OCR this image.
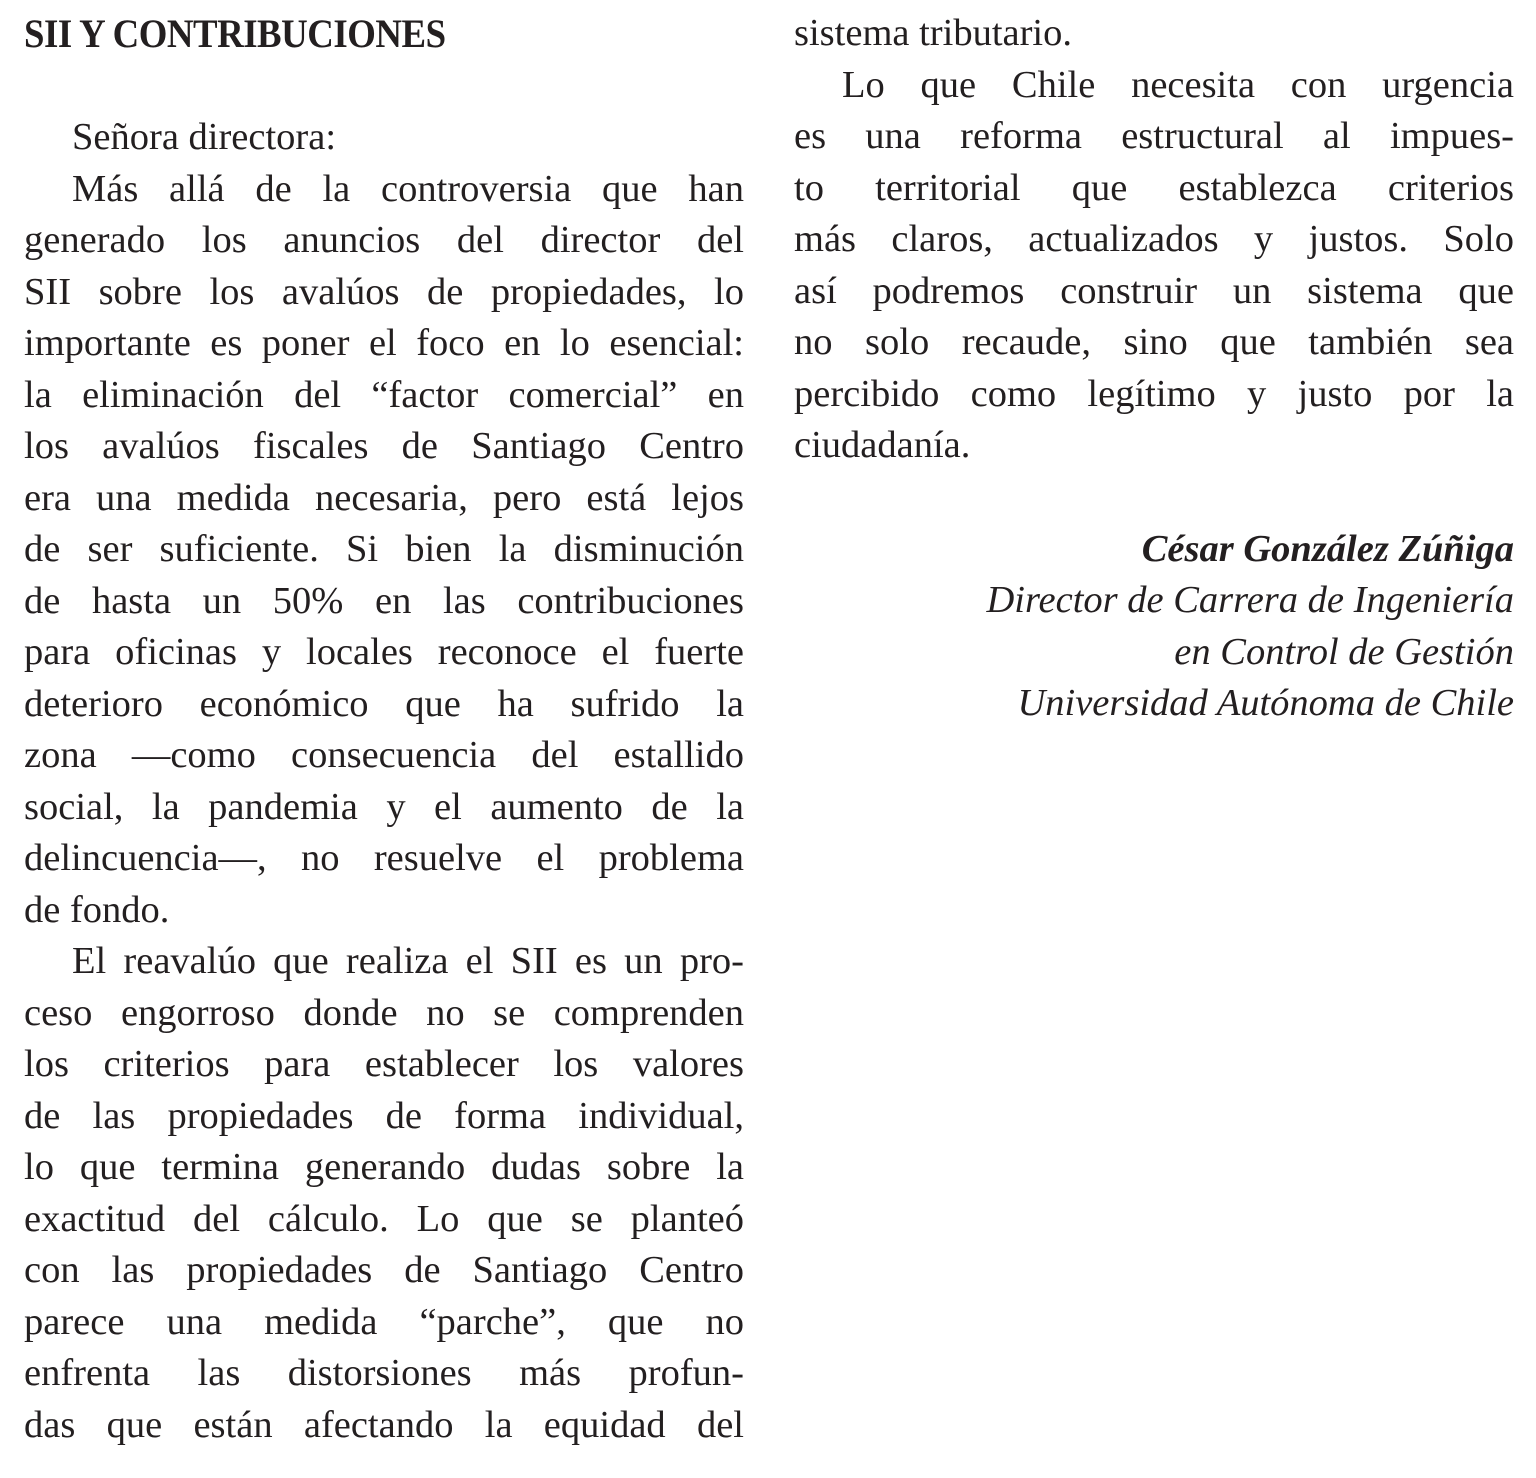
SII Y CONTRIBUCIONES
Señora directora:
Más allá de la controversia que han
generado los anuncios del director del
SII sobre los avalúos de propiedades, lo
importante es poner el foco en lo esencial:
la eliminación del “factor comercial” en
los avalúos fiscales de Santiago Centro
era una medida necesaria, pero está lejos
de ser suficiente. Si bien la disminución
de hasta un 50% en las contribuciones
para oficinas y locales reconoce el fuerte
deterioro económico que ha sufrido la
zona —como consecuencia del estallido
social, la pandemia y el aumento de la
delincuencia—, no resuelve el problema
de fondo.
El reavalúo que realiza el SII es un pro-
ceso engorroso donde no se comprenden
los criterios para establecer los valores
de las propiedades de forma individual,
lo que termina generando dudas sobre la
exactitud del cálculo. Lo que se planteó
con las propiedades de Santiago Centro
parece una medida “parche”, que no
enfrenta las distorsiones más profun-
das que están afectando la equidad del
sistema tributario.
Lo que Chile necesita con urgencia
es una reforma estructural al impues-
to territorial que establezca criterios
más claros, actualizados y justos. Solo
así podremos construir un sistema que
no solo recaude, sino que también sea
percibido como legítimo y justo por la
ciudadanía.
César González Zúñiga
Director de Carrera de Ingeniería
en Control de Gestión
Universidad Autónoma de Chile
